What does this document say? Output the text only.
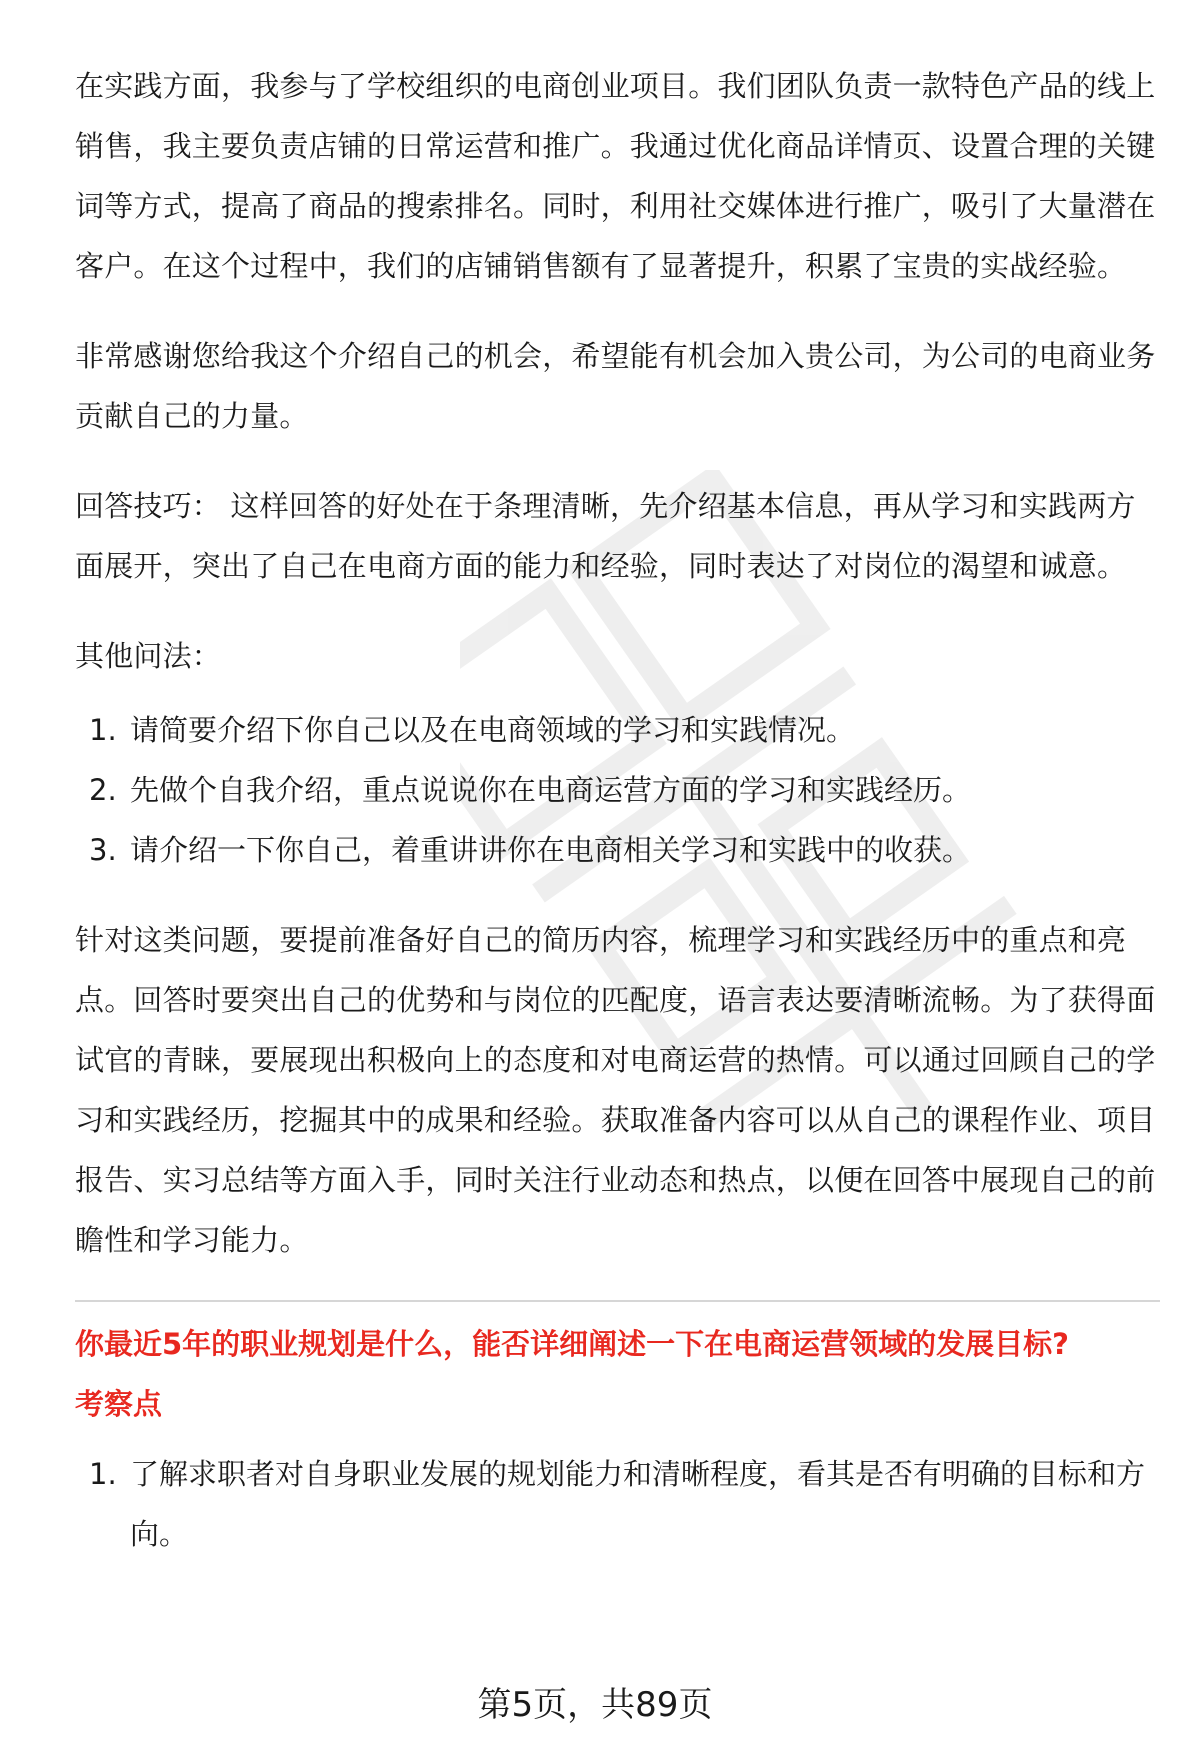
在实践方面，我参与了学校组织的电商创业项目。我们团队负责一款特色产品的线上销售，我主要负责店铺的日常运营和推广。我通过优化商品详情页、设置合理的关键词等方式，提高了商品的搜索排名。同时，利用社交媒体进行推广，吸引了大量潜在客户。在这个过程中，我们的店铺销售额有了显著提升，积累了宝贵的实战经验。

非常感谢您给我这个介绍自己的机会，希望能有机会加入贵公司，为公司的电商业务贡献自己的力量。

回答技巧： 这样回答的好处在于条理清晰，先介绍基本信息，再从学习和实践两方面展开，突出了自己在电商方面的能力和经验，同时表达了对岗位的渴望和诚意。

其他问法：

1. 请简要介绍下你自己以及在电商领域的学习和实践情况。
2. 先做个自我介绍，重点说说你在电商运营方面的学习和实践经历。
3. 请介绍一下你自己，着重讲讲你在电商相关学习和实践中的收获。

针对这类问题，要提前准备好自己的简历内容，梳理学习和实践经历中的重点和亮点。回答时要突出自己的优势和与岗位的匹配度，语言表达要清晰流畅。为了获得面试官的青睐，要展现出积极向上的态度和对电商运营的热情。可以通过回顾自己的学习和实践经历，挖掘其中的成果和经验。获取准备内容可以从自己的课程作业、项目报告、实习总结等方面入手，同时关注行业动态和热点，以便在回答中展现自己的前瞻性和学习能力。

你最近5年的职业规划是什么，能否详细阐述一下在电商运营领域的发展目标?

考察点

1. 了解求职者对自身职业发展的规划能力和清晰程度，看其是否有明确的目标和方向。
第5页，共89页
